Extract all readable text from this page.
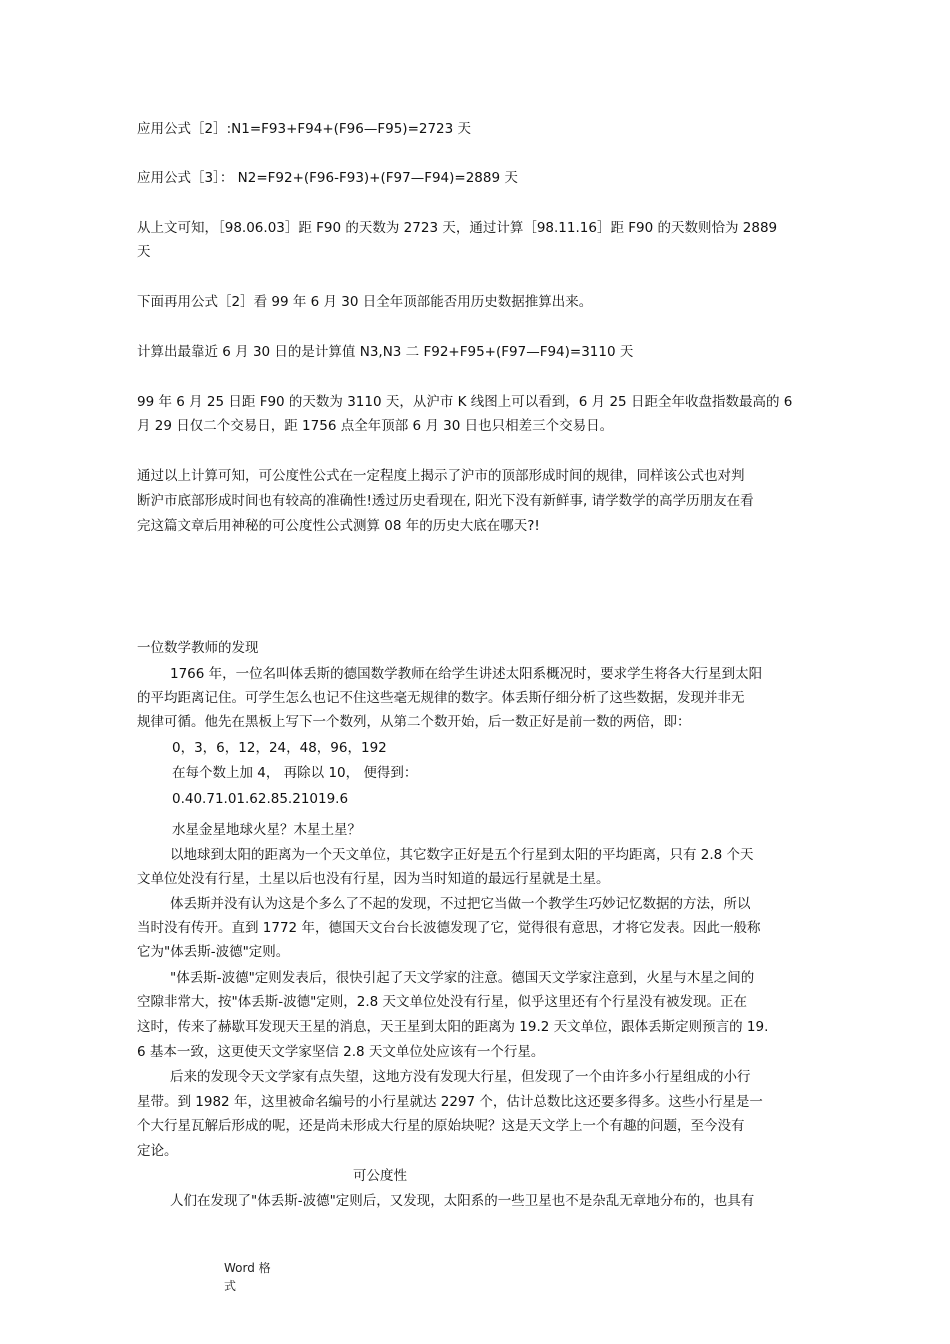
应用公式［2］:N1=F93+F94+(F96—F95)=2723 天
应用公式［3］： N2=F92+(F96-F93)+(F97—F94)=2889 天
从上文可知，［98.06.03］距 F90 的天数为 2723 天，通过计算［98.11.16］距 F90 的天数则恰为 2889
天
下面再用公式［2］看 99 年 6 月 30 日全年顶部能否用历史数据推算出来。
计算出最靠近 6 月 30 日的是计算值 N3,N3 二 F92+F95+(F97—F94)=3110 天
99 年 6 月 25 日距 F90 的天数为 3110 天，从沪市 K 线图上可以看到，6 月 25 日距全年收盘指数最高的 6
月 29 日仅二个交易日，距 1756 点全年顶部 6 月 30 日也只相差三个交易日。
通过以上计算可知，可公度性公式在一定程度上揭示了沪市的顶部形成时间的规律，同样该公式也对判
断沪市底部形成时间也有较高的准确性!透过历史看现在, 阳光下没有新鲜事, 请学数学的高学历朋友在看
完这篇文章后用神秘的可公度性公式测算 08 年的历史大底在哪天?!
一位数学教师的发现
1766 年，一位名叫体丢斯的德国数学教师在给学生讲述太阳系概况时，要求学生将各大行星到太阳
的平均距离记住。可学生怎么也记不住这些毫无规律的数字。体丢斯仔细分析了这些数据，发现并非无
规律可循。他先在黑板上写下一个数列，从第二个数开始，后一数正好是前一数的两倍，即：
0，3，6，12，24，48，96，192
在每个数上加 4， 再除以 10， 便得到：
0.40.71.01.62.85.21019.6
水星金星地球火星？木星土星？
以地球到太阳的距离为一个天文单位，其它数字正好是五个行星到太阳的平均距离，只有 2.8 个天
文单位处没有行星，土星以后也没有行星，因为当时知道的最远行星就是土星。
体丢斯并没有认为这是个多么了不起的发现，不过把它当做一个教学生巧妙记忆数据的方法，所以
当时没有传开。直到 1772 年，德国天文台台长波德发现了它，觉得很有意思，才将它发表。因此一般称
它为"体丢斯-波德"定则。
"体丢斯-波德"定则发表后，很快引起了天文学家的注意。德国天文学家注意到，火星与木星之间的
空隙非常大，按"体丢斯-波德"定则，2.8 天文单位处没有行星，似乎这里还有个行星没有被发现。正在
这时，传来了赫歇耳发现天王星的消息，天王星到太阳的距离为 19.2 天文单位，跟体丢斯定则预言的 19.
6 基本一致，这更使天文学家坚信 2.8 天文单位处应该有一个行星。
后来的发现令天文学家有点失望，这地方没有发现大行星，但发现了一个由许多小行星组成的小行
星带。到 1982 年，这里被命名编号的小行星就达 2297 个，估计总数比这还要多得多。这些小行星是一
个大行星瓦解后形成的呢，还是尚未形成大行星的原始块呢？这是天文学上一个有趣的问题，至今没有
定论。
可公度性
人们在发现了"体丢斯-波德"定则后，又发现，太阳系的一些卫星也不是杂乱无章地分布的，也具有
Word 格
式
